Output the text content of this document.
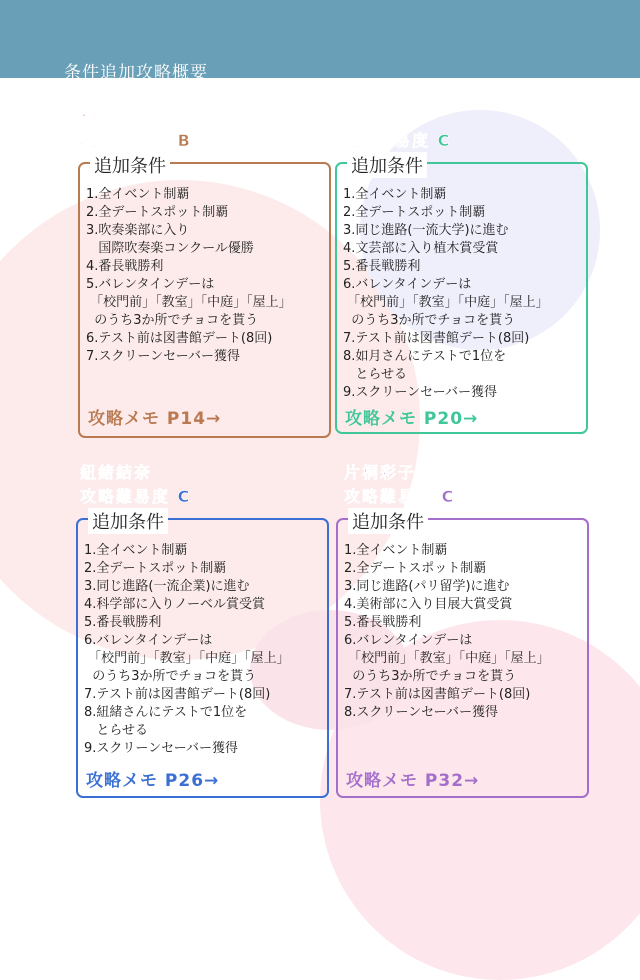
条件追加攻略概要
和泉絵子
攻略難易度 B
追加条件
1.全イベント制覇
2.全デートスポット制覇
3.吹奏楽部に入り
国際吹奏楽コンクール優勝
4.番長戦勝利
5.バレンタインデーは
「校門前」「教室」「中庭」「屋上」
のうち3か所でチョコを貰う
6.テスト前は図書館デート(8回)
7.スクリーンセーバー獲得
攻略メモ P14→
如月未緒
攻略難易度 C
追加条件
1.全イベント制覇
2.全デートスポット制覇
3.同じ進路(一流大学)に進む
4.文芸部に入り植木賞受賞
5.番長戦勝利
6.バレンタインデーは
「校門前」「教室」「中庭」「屋上」
のうち3か所でチョコを貰う
7.テスト前は図書館デート(8回)
8.如月さんにテストで1位を
とらせる
9.スクリーンセーバー獲得
攻略メモ P20→
紐緒結奈
攻略難易度 C
追加条件
1.全イベント制覇
2.全デートスポット制覇
3.同じ進路(一流企業)に進む
4.科学部に入りノーベル賞受賞
5.番長戦勝利
6.バレンタインデーは
「校門前」「教室」「中庭」「屋上」
のうち3か所でチョコを貰う
7.テスト前は図書館デート(8回)
8.紐緒さんにテストで1位を
とらせる
9.スクリーンセーバー獲得
攻略メモ P26→
片桐彩子
攻略難易度 C
追加条件
1.全イベント制覇
2.全デートスポット制覇
3.同じ進路(パリ留学)に進む
4.美術部に入り目展大賞受賞
5.番長戦勝利
6.バレンタインデーは
「校門前」「教室」「中庭」「屋上」
のうち3か所でチョコを貰う
7.テスト前は図書館デート(8回)
8.スクリーンセーバー獲得
攻略メモ P32→
